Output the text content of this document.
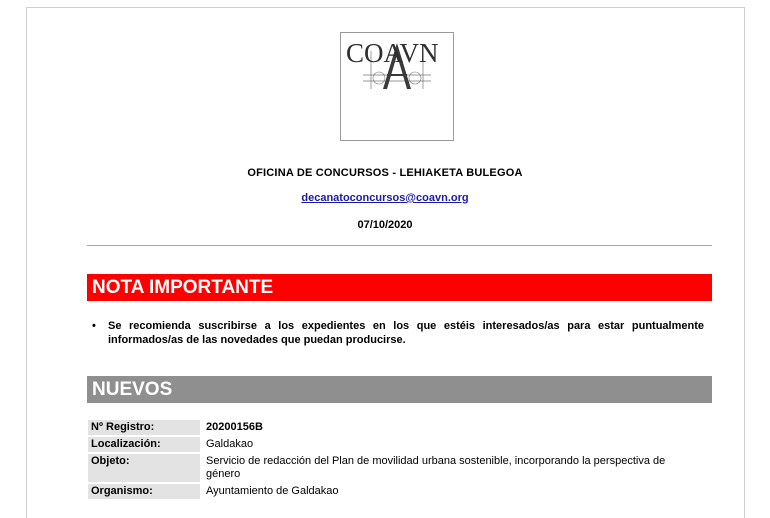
COAVN
OFICINA DE CONCURSOS - LEHIAKETA BULEGOA
decanatoconcursos@coavn.org
07/10/2020
NOTA IMPORTANTE
•	Se recomienda suscribirse a los expedientes en los que estéis interesados/as para estar puntualmente informados/as de las novedades que puedan producirse.
NUEVOS
Nº Registro:	20200156B
Localización:	Galdakao
Objeto:	Servicio de redacción del Plan de movilidad urbana sostenible, incorporando la perspectiva de género
Organismo:	Ayuntamiento de Galdakao
